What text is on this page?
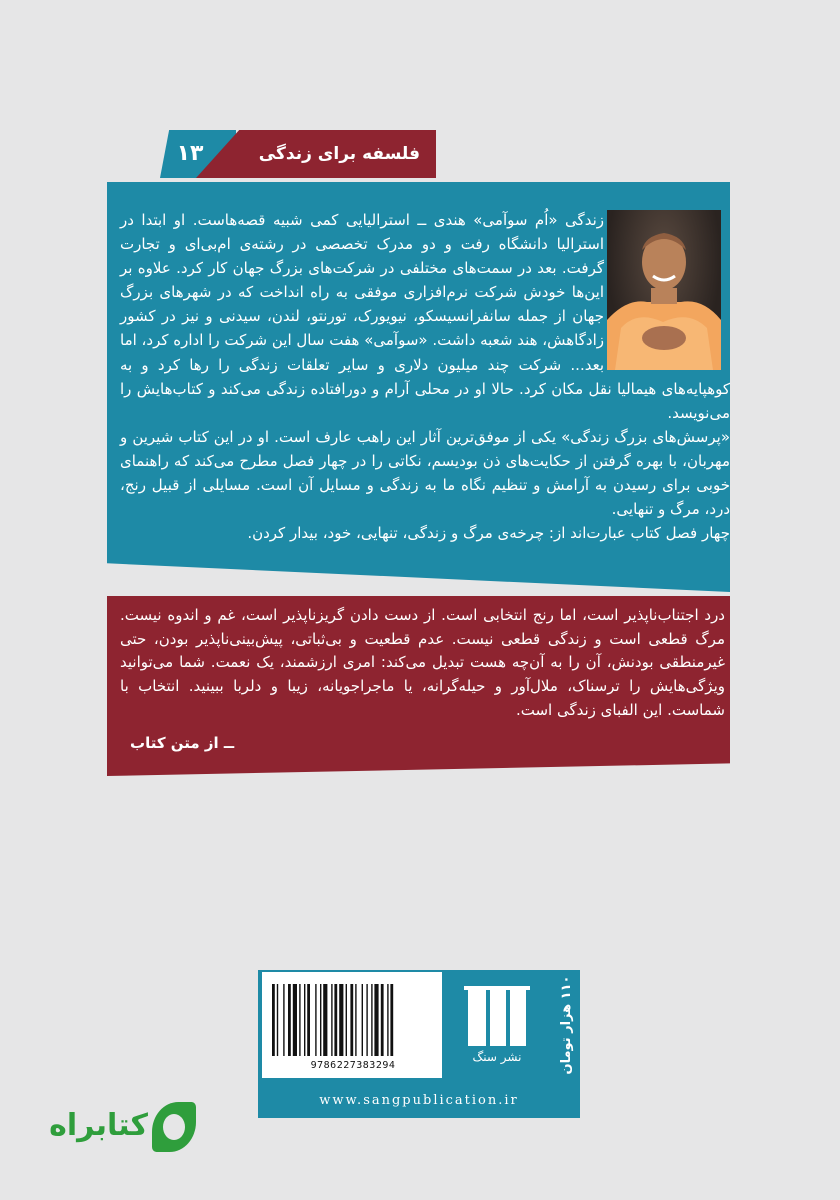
۱۳	فلسفه برای زندگی

زندگی «اُم سوآمی» هندی ــ استرالیایی کمی شبیه قصه‌هاست. او ابتدا در استرالیا دانشگاه رفت و دو مدرک تخصصی در رشته‌ی ام‌بی‌ای و تجارت گرفت. بعد در سمت‌های مختلفی در شرکت‌های بزرگ جهان کار کرد. علاوه بر این‌ها خودش شرکت نرم‌افزاری موفقی به راه انداخت که در شهرهای بزرگ جهان از جمله سانفرانسیسکو، نیویورک، تورنتو، لندن، سیدنی و نیز در کشور زادگاهش، هند شعبه داشت. «سوآمی» هفت سال این شرکت را اداره کرد، اما بعد... شرکت چند میلیون دلاری و سایر تعلقات زندگی را رها کرد و به کوهپایه‌های هیمالیا نقل مکان کرد. حالا او در محلی آرام و دورافتاده زندگی می‌کند و کتاب‌هایش را می‌نویسد.

«پرسش‌های بزرگ زندگی» یکی از موفق‌ترین آثار این راهب عارف است. او در این کتاب شیرین و مهربان، با بهره گرفتن از حکایت‌های ذن بودیسم، نکاتی را در چهار فصل مطرح می‌کند که راهنمای خوبی برای رسیدن به آرامش و تنظیم نگاه ما به زندگی و مسایل آن است. مسایلی از قبیل رنج، درد، مرگ و تنهایی.

چهار فصل کتاب عبارت‌اند از: چرخه‌ی مرگ و زندگی، تنهایی، خود، بیدار کردن.

درد اجتناب‌ناپذیر است، اما رنج انتخابی است. از دست دادن گریزناپذیر است، غم و اندوه نیست. مرگ قطعی است و زندگی قطعی نیست. عدم قطعیت و بی‌ثباتی، پیش‌بینی‌ناپذیر بودن، حتی غیرمنطقی بودنش، آن را به آن‌چه هست تبدیل می‌کند: امری ارزشمند، یک نعمت. شما می‌توانید ویژگی‌هایش را ترسناک، ملال‌آور و حیله‌گرانه، یا ماجراجویانه، زیبا و دلربا ببینید. انتخاب با شماست. این الفبای زندگی است.
ــ از متن کتاب
9786227383294
نشر سنگ	۱۱۰ هزار تومان
www.sangpublication.ir
کتابراه
